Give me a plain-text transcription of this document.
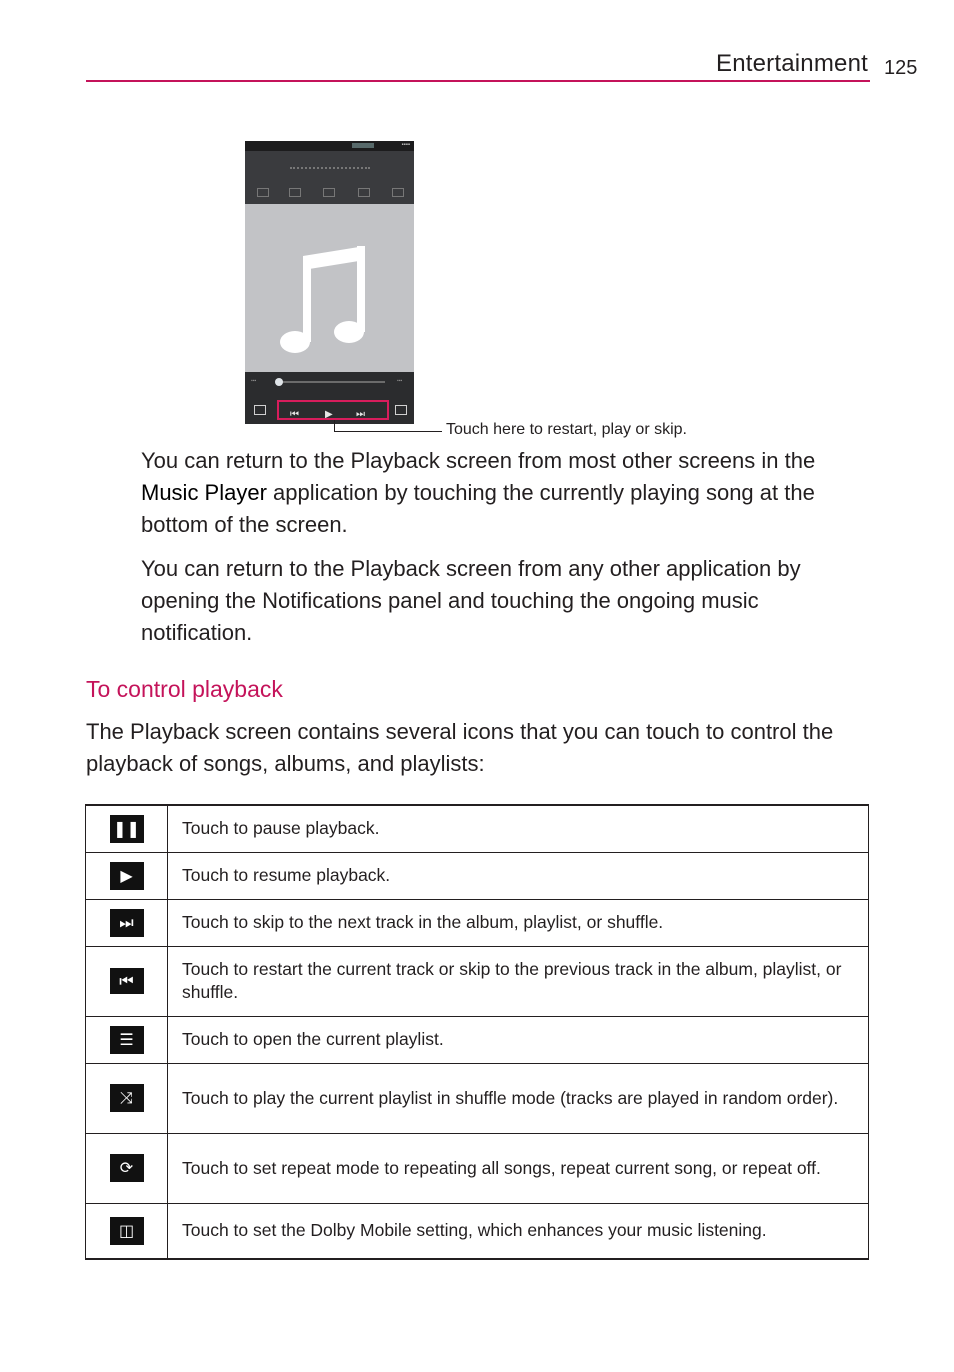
Entertainment 125
▪▪▪▪
▪▪▪	▪▪▪
⏮	▶ ⏭
Touch here to restart, play or skip.

You can return to the Playback screen from most other screens in the Music Player application by touching the currently playing song at the bottom of the screen.

You can return to the Playback screen from any other application by opening the Notifications panel and touching the ongoing music notification.

To control playback

The Playback screen contains several icons that you can touch to control the playback of songs, albums, and playlists:

❚❚	Touch to pause playback.
▶	Touch to resume playback.
⏭	Touch to skip to the next track in the album, playlist, or shuffle.
⏮	Touch to restart the current track or skip to the previous track in the album, playlist, or shuffle.
☰	Touch to open the current playlist.
⤨	Touch to play the current playlist in shuffle mode (tracks are played in random order).
⟳	Touch to set repeat mode to repeating all songs, repeat current song, or repeat off.
◫	Touch to set the Dolby Mobile setting, which enhances your music listening.
